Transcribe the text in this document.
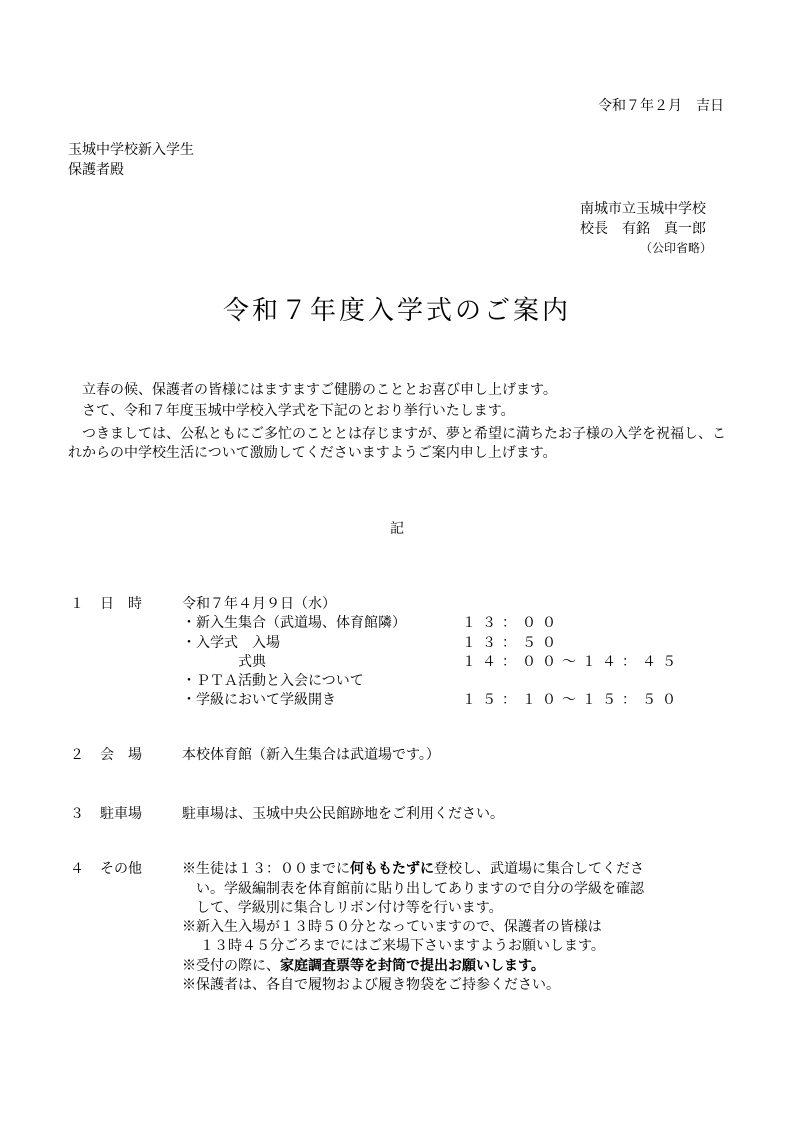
令和７年２月　吉日
玉城中学校新入学生
保護者殿
南城市立玉城中学校
校長　有銘　真一郎
（公印省略）
令和７年度入学式のご案内
立春の候、保護者の皆様にはますますご健勝のこととお喜び申し上げます。
さて、令和７年度玉城中学校入学式を下記のとおり挙行いたします。
つきましては、公私ともにご多忙のこととは存じますが、夢と希望に満ちたお子様の入学を祝福し、これからの中学校生活について激励してくださいますようご案内申し上げます。
記
１ 日　時	令和７年４月９日（水）
・新入生集合（武道場、体育館隣）	１３：００
・入学式　入場	１３：５０
式典	１４：００～１４：４５
・ＰＴＡ活動と入会について
・学級において学級開き	１５：１０～１５：５０
２ 会　場	本校体育館（新入生集合は武道場です。）
３ 駐車場	駐車場は、玉城中央公民館跡地をご利用ください。
４ その他	※生徒は１３：００までに何ももたずに登校し、武道場に集合してくださ
い。学級編制表を体育館前に貼り出してありますので自分の学級を確認
して、学級別に集合しリボン付け等を行います。
※新入生入場が１３時５０分となっていますので、保護者の皆様は
１３時４５分ごろまでにはご来場下さいますようお願いします。
※受付の際に、家庭調査票等を封筒で提出お願いします。
※保護者は、各自で履物および履き物袋をご持参ください。
